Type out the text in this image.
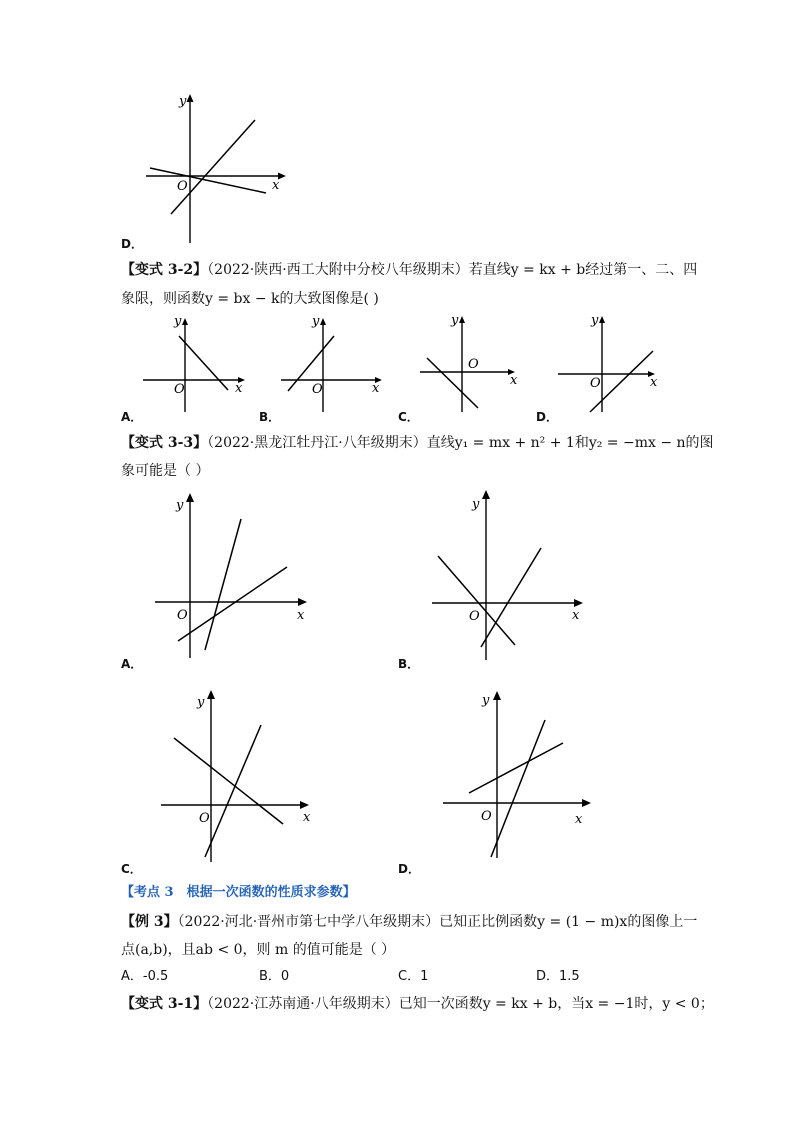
y
x
O
D．
【变式 3-2】（2022·陕西·西工大附中分校八年级期末）若直线y = kx + b经过第一、二、四
象限，则函数y = bx − k的大致图像是( )
y
x
O
y
x
O
y
x
O
y
x
O
A．	B．	C．	D．
【变式 3-3】（2022·黑龙江牡丹江·八年级期末）直线y₁ = mx + n² + 1和y₂ = −mx − n的图
象可能是（ ）
y
x
O
y
x
O
y
x
O
y
x
O
A．	B．
C．	D．
【考点 3　根据一次函数的性质求参数】
【例 3】（2022·河北·晋州市第七中学八年级期末）已知正比例函数y = (1 − m)x的图像上一
点(a,b)，且ab < 0，则 m 的值可能是（ ）
A．-0.5	B．0	C．1	D．1.5
【变式 3-1】（2022·江苏南通·八年级期末）已知一次函数y = kx + b，当x = −1时，y < 0；
